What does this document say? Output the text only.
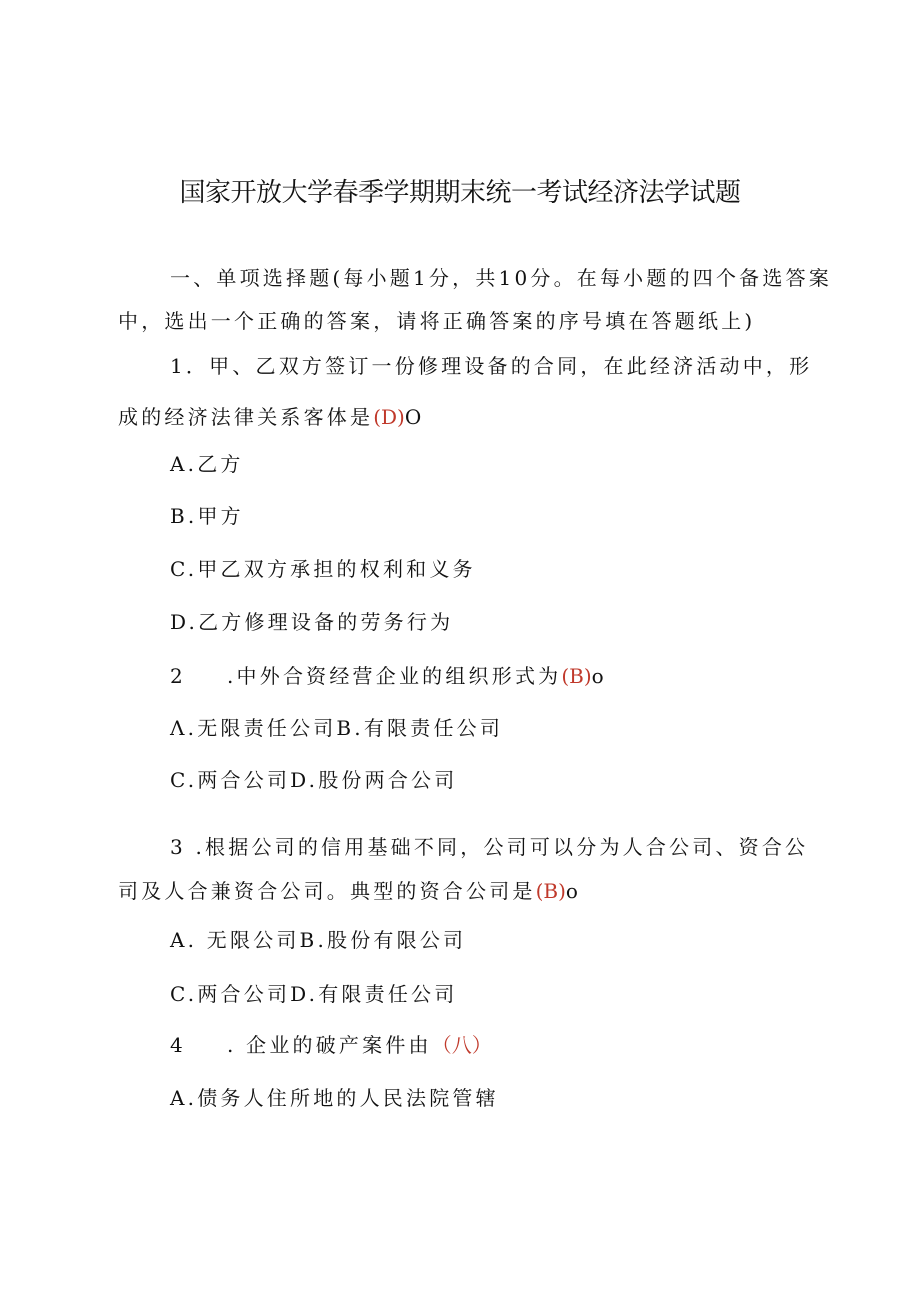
国家开放大学春季学期期末统一考试经济法学试题
一、单项选择题(每小题1分，共10分。在每小题的四个备选答案
中，选出一个正确的答案，请将正确答案的序号填在答题纸上)
1．甲、乙双方签订一份修理设备的合同，在此经济活动中，形
成的经济法律关系客体是(D)O
A.乙方
B.甲方
C.甲乙双方承担的权利和义务
D.乙方修理设备的劳务行为
2 .中外合资经营企业的组织形式为(B)o
Λ.无限责任公司B.有限责任公司
C.两合公司D.股份两合公司
3 .根据公司的信用基础不同，公司可以分为人合公司、资合公
司及人合兼资合公司。典型的资合公司是(B)o
A. 无限公司B.股份有限公司
C.两合公司D.有限责任公司
4 . 企业的破产案件由（八）
A.债务人住所地的人民法院管辖
